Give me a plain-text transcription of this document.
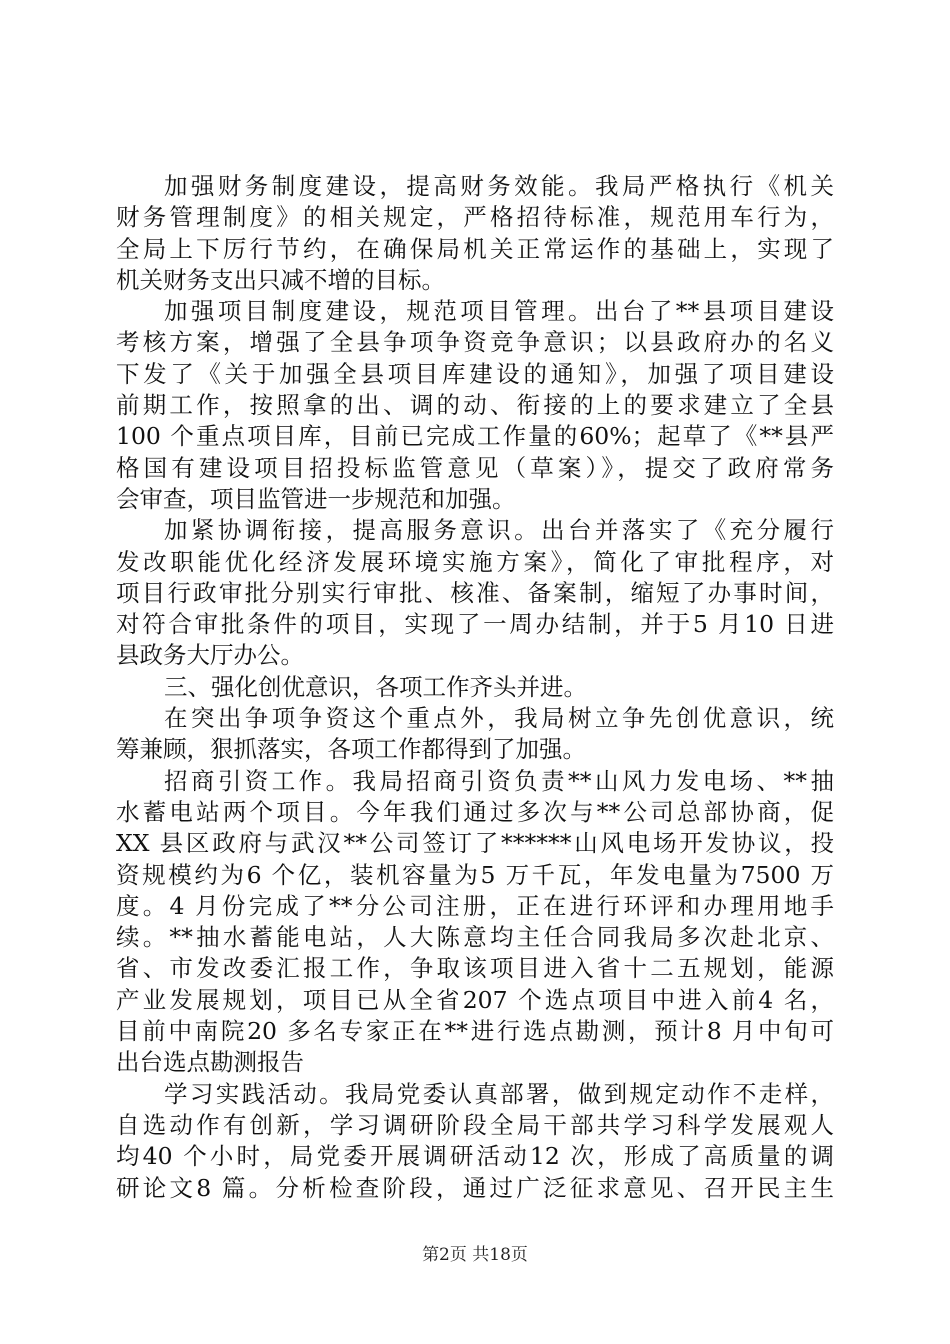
加强财务制度建设，提高财务效能。我局严格执行《机关
财务管理制度》的相关规定，严格招待标准，规范用车行为，
全局上下厉行节约，在确保局机关正常运作的基础上，实现了
机关财务支出只减不增的目标。
加强项目制度建设，规范项目管理。出台了**县项目建设
考核方案，增强了全县争项争资竞争意识；以县政府办的名义
下发了《关于加强全县项目库建设的通知》，加强了项目建设
前期工作，按照拿的出、调的动、衔接的上的要求建立了全县
100 个重点项目库，目前已完成工作量的60%；起草了《**县严
格国有建设项目招投标监管意见（草案）》，提交了政府常务
会审查，项目监管进一步规范和加强。
加紧协调衔接，提高服务意识。出台并落实了《充分履行
发改职能优化经济发展环境实施方案》，简化了审批程序，对
项目行政审批分别实行审批、核准、备案制，缩短了办事时间，
对符合审批条件的项目，实现了一周办结制，并于5 月10 日进
县政务大厅办公。
三、强化创优意识，各项工作齐头并进。
在突出争项争资这个重点外，我局树立争先创优意识，统
筹兼顾，狠抓落实，各项工作都得到了加强。
招商引资工作。我局招商引资负责**山风力发电场、**抽
水蓄电站两个项目。今年我们通过多次与**公司总部协商，促
XX 县区政府与武汉**公司签订了******山风电场开发协议，投
资规模约为6 个亿，装机容量为5 万千瓦，年发电量为7500 万
度。4 月份完成了**分公司注册，正在进行环评和办理用地手
续。**抽水蓄能电站，人大陈意均主任合同我局多次赴北京、
省、市发改委汇报工作，争取该项目进入省十二五规划，能源
产业发展规划，项目已从全省207 个选点项目中进入前4 名，
目前中南院20 多名专家正在**进行选点勘测，预计8 月中旬可
出台选点勘测报告
学习实践活动。我局党委认真部署，做到规定动作不走样，
自选动作有创新，学习调研阶段全局干部共学习科学发展观人
均40 个小时，局党委开展调研活动12 次，形成了高质量的调
研论文8 篇。分析检查阶段，通过广泛征求意见、召开民主生
第2页 共18页
